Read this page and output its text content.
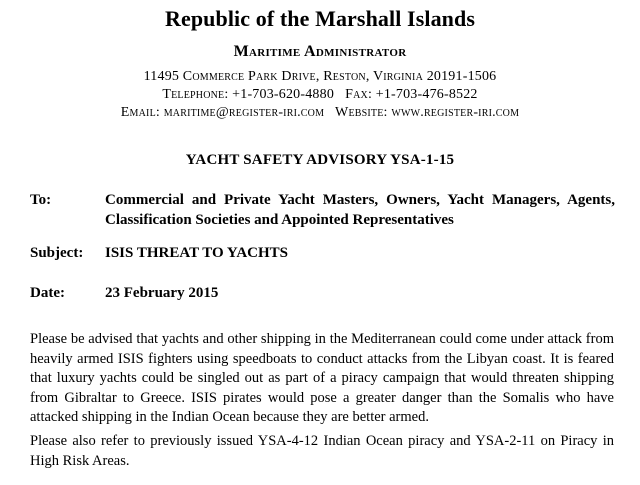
Republic of the Marshall Islands
Maritime Administrator
11495 Commerce Park Drive, Reston, Virginia 20191-1506
Telephone: +1-703-620-4880   Fax: +1-703-476-8522
Email: maritime@register-iri.com   Website: www.register-iri.com
YACHT SAFETY ADVISORY YSA-1-15
To:	Commercial and Private Yacht Masters, Owners, Yacht Managers, Agents, Classification Societies and Appointed Representatives
Subject: ISIS THREAT TO YACHTS
Date:	23 February 2015
Please be advised that yachts and other shipping in the Mediterranean could come under attack from heavily armed ISIS fighters using speedboats to conduct attacks from the Libyan coast. It is feared that luxury yachts could be singled out as part of a piracy campaign that would threaten shipping from Gibraltar to Greece. ISIS pirates would pose a greater danger than the Somalis who have attacked shipping in the Indian Ocean because they are better armed.
Please also refer to previously issued YSA-4-12 Indian Ocean piracy and YSA-2-11 on Piracy in High Risk Areas.
